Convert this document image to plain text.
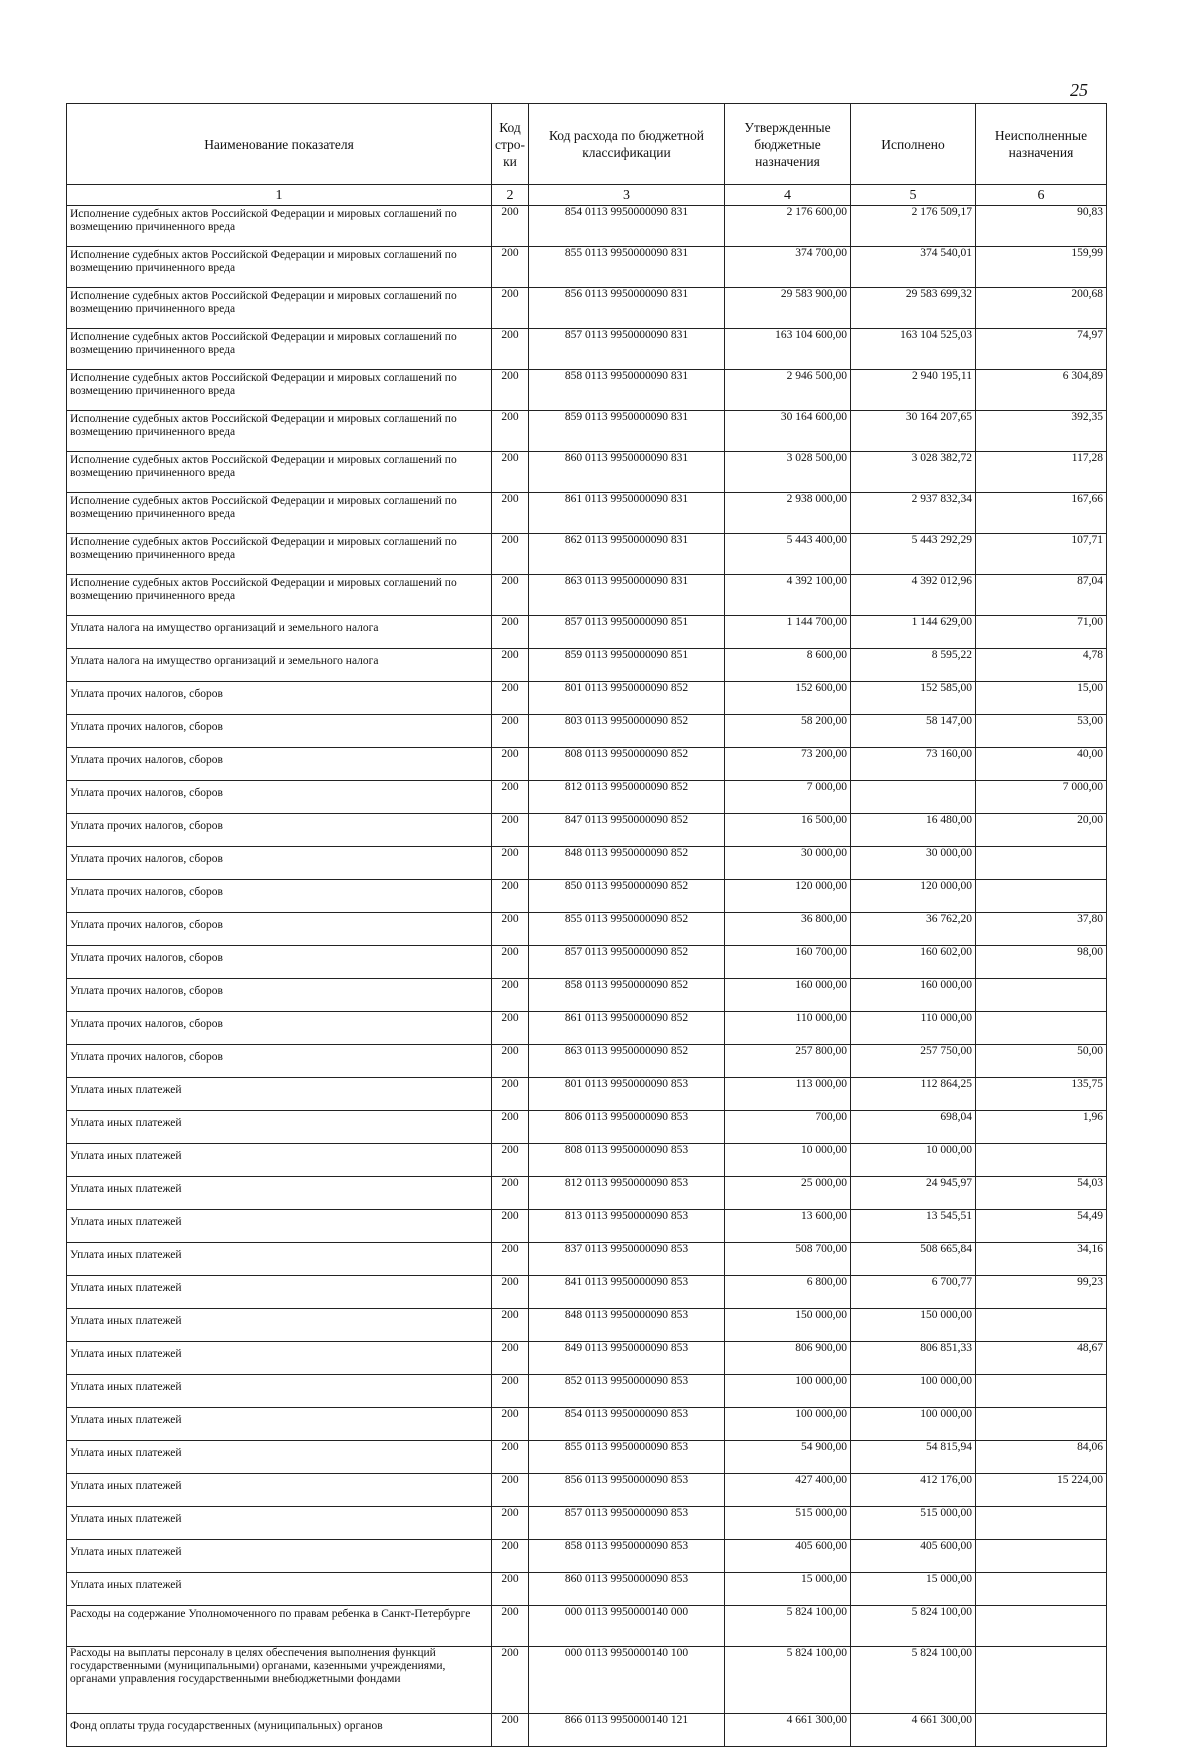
25
Наименование показателя	Код стро-ки	Код расхода по бюджетной классификации	Утвержденные бюджетные назначения	Исполнено	Неисполненные назначения
1	2	3	4	5	6
Исполнение судебных актов Российской Федерации и мировых соглашений по возмещению причиненного вреда	200	854 0113 9950000090 831	2 176 600,00	2 176 509,17	90,83
Исполнение судебных актов Российской Федерации и мировых соглашений по возмещению причиненного вреда	200	855 0113 9950000090 831	374 700,00	374 540,01	159,99
Исполнение судебных актов Российской Федерации и мировых соглашений по возмещению причиненного вреда	200	856 0113 9950000090 831	29 583 900,00	29 583 699,32	200,68
Исполнение судебных актов Российской Федерации и мировых соглашений по возмещению причиненного вреда	200	857 0113 9950000090 831	163 104 600,00	163 104 525,03	74,97
Исполнение судебных актов Российской Федерации и мировых соглашений по возмещению причиненного вреда	200	858 0113 9950000090 831	2 946 500,00	2 940 195,11	6 304,89
Исполнение судебных актов Российской Федерации и мировых соглашений по возмещению причиненного вреда	200	859 0113 9950000090 831	30 164 600,00	30 164 207,65	392,35
Исполнение судебных актов Российской Федерации и мировых соглашений по возмещению причиненного вреда	200	860 0113 9950000090 831	3 028 500,00	3 028 382,72	117,28
Исполнение судебных актов Российской Федерации и мировых соглашений по возмещению причиненного вреда	200	861 0113 9950000090 831	2 938 000,00	2 937 832,34	167,66
Исполнение судебных актов Российской Федерации и мировых соглашений по возмещению причиненного вреда	200	862 0113 9950000090 831	5 443 400,00	5 443 292,29	107,71
Исполнение судебных актов Российской Федерации и мировых соглашений по возмещению причиненного вреда	200	863 0113 9950000090 831	4 392 100,00	4 392 012,96	87,04
Уплата налога на имущество организаций и земельного налога	200	857 0113 9950000090 851	1 144 700,00	1 144 629,00	71,00
Уплата налога на имущество организаций и земельного налога	200	859 0113 9950000090 851	8 600,00	8 595,22	4,78
Уплата прочих налогов, сборов	200	801 0113 9950000090 852	152 600,00	152 585,00	15,00
Уплата прочих налогов, сборов	200	803 0113 9950000090 852	58 200,00	58 147,00	53,00
Уплата прочих налогов, сборов	200	808 0113 9950000090 852	73 200,00	73 160,00	40,00
Уплата прочих налогов, сборов	200	812 0113 9950000090 852	7 000,00		7 000,00
Уплата прочих налогов, сборов	200	847 0113 9950000090 852	16 500,00	16 480,00	20,00
Уплата прочих налогов, сборов	200	848 0113 9950000090 852	30 000,00	30 000,00	
Уплата прочих налогов, сборов	200	850 0113 9950000090 852	120 000,00	120 000,00	
Уплата прочих налогов, сборов	200	855 0113 9950000090 852	36 800,00	36 762,20	37,80
Уплата прочих налогов, сборов	200	857 0113 9950000090 852	160 700,00	160 602,00	98,00
Уплата прочих налогов, сборов	200	858 0113 9950000090 852	160 000,00	160 000,00	
Уплата прочих налогов, сборов	200	861 0113 9950000090 852	110 000,00	110 000,00	
Уплата прочих налогов, сборов	200	863 0113 9950000090 852	257 800,00	257 750,00	50,00
Уплата иных платежей	200	801 0113 9950000090 853	113 000,00	112 864,25	135,75
Уплата иных платежей	200	806 0113 9950000090 853	700,00	698,04	1,96
Уплата иных платежей	200	808 0113 9950000090 853	10 000,00	10 000,00	
Уплата иных платежей	200	812 0113 9950000090 853	25 000,00	24 945,97	54,03
Уплата иных платежей	200	813 0113 9950000090 853	13 600,00	13 545,51	54,49
Уплата иных платежей	200	837 0113 9950000090 853	508 700,00	508 665,84	34,16
Уплата иных платежей	200	841 0113 9950000090 853	6 800,00	6 700,77	99,23
Уплата иных платежей	200	848 0113 9950000090 853	150 000,00	150 000,00	
Уплата иных платежей	200	849 0113 9950000090 853	806 900,00	806 851,33	48,67
Уплата иных платежей	200	852 0113 9950000090 853	100 000,00	100 000,00	
Уплата иных платежей	200	854 0113 9950000090 853	100 000,00	100 000,00	
Уплата иных платежей	200	855 0113 9950000090 853	54 900,00	54 815,94	84,06
Уплата иных платежей	200	856 0113 9950000090 853	427 400,00	412 176,00	15 224,00
Уплата иных платежей	200	857 0113 9950000090 853	515 000,00	515 000,00	
Уплата иных платежей	200	858 0113 9950000090 853	405 600,00	405 600,00	
Уплата иных платежей	200	860 0113 9950000090 853	15 000,00	15 000,00	
Расходы на содержание Уполномоченного по правам ребенка в Санкт-Петербурге	200	000 0113 9950000140 000	5 824 100,00	5 824 100,00	
Расходы на выплаты персоналу в целях обеспечения выполнения функций государственными (муниципальными) органами, казенными учреждениями, органами управления государственными внебюджетными фондами	200	000 0113 9950000140 100	5 824 100,00	5 824 100,00	
Фонд оплаты труда государственных (муниципальных) органов	200	866 0113 9950000140 121	4 661 300,00	4 661 300,00	
